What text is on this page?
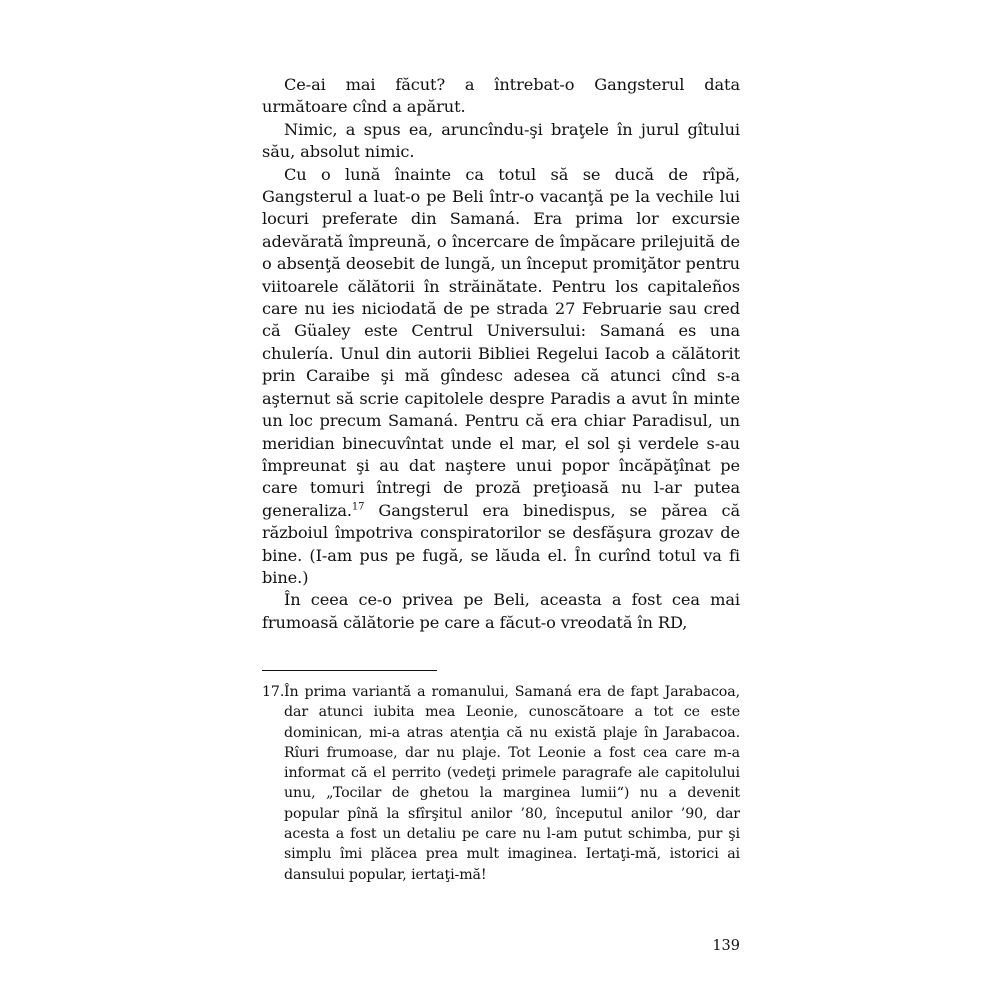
Ce-ai mai făcut? a întrebat-o Gangsterul data următoare cînd a apărut.

Nimic, a spus ea, aruncîndu-şi braţele în jurul gîtului său, absolut nimic.

Cu o lună înainte ca totul să se ducă de rîpă, Gangsterul a luat-o pe Beli într-o vacanţă pe la vechile lui locuri preferate din Samaná. Era prima lor excursie adevărată împreună, o încercare de împăcare prilejuită de o absenţă deosebit de lungă, un început promiţător pentru viitoarele călătorii în străinătate. Pentru los capitaleños care nu ies niciodată de pe strada 27 Februarie sau cred că Güaley este Centrul Universului: Samaná es una chulería. Unul din autorii Bibliei Regelui Iacob a călătorit prin Caraibe şi mă gîndesc adesea că atunci cînd s-a aşternut să scrie capitolele despre Paradis a avut în minte un loc precum Samaná. Pentru că era chiar Paradisul, un meridian binecuvîntat unde el mar, el sol şi verdele s-au împreunat şi au dat naştere unui popor încăpăţînat pe care tomuri întregi de proză preţioasă nu l-ar putea generaliza.$^{17}$ Gangsterul era binedispus, se părea că războiul împotriva conspiratorilor se desfăşura grozav de bine. (I-am pus pe fugă, se lăuda el. În curînd totul va fi bine.)

În ceea ce-o privea pe Beli, aceasta a fost cea mai frumoasă călătorie pe care a făcut-o vreodată în RD,

17. În prima variantă a romanului, Samaná era de fapt Jarabacoa, dar atunci iubita mea Leonie, cunoscătoare a tot ce este dominican, mi-a atras atenţia că nu există plaje în Jarabacoa. Rîuri frumoase, dar nu plaje. Tot Leonie a fost cea care m-a informat că el perrito (vedeţi primele paragrafe ale capitolului unu, „Tocilar de ghetou la marginea lumii“) nu a devenit popular pînă la sfîrşitul anilor ’80, începutul anilor ’90, dar acesta a fost un detaliu pe care nu l-am putut schimba, pur şi simplu îmi plăcea prea mult imaginea. Iertaţi-mă, istorici ai dansului popular, iertaţi-mă!
139
